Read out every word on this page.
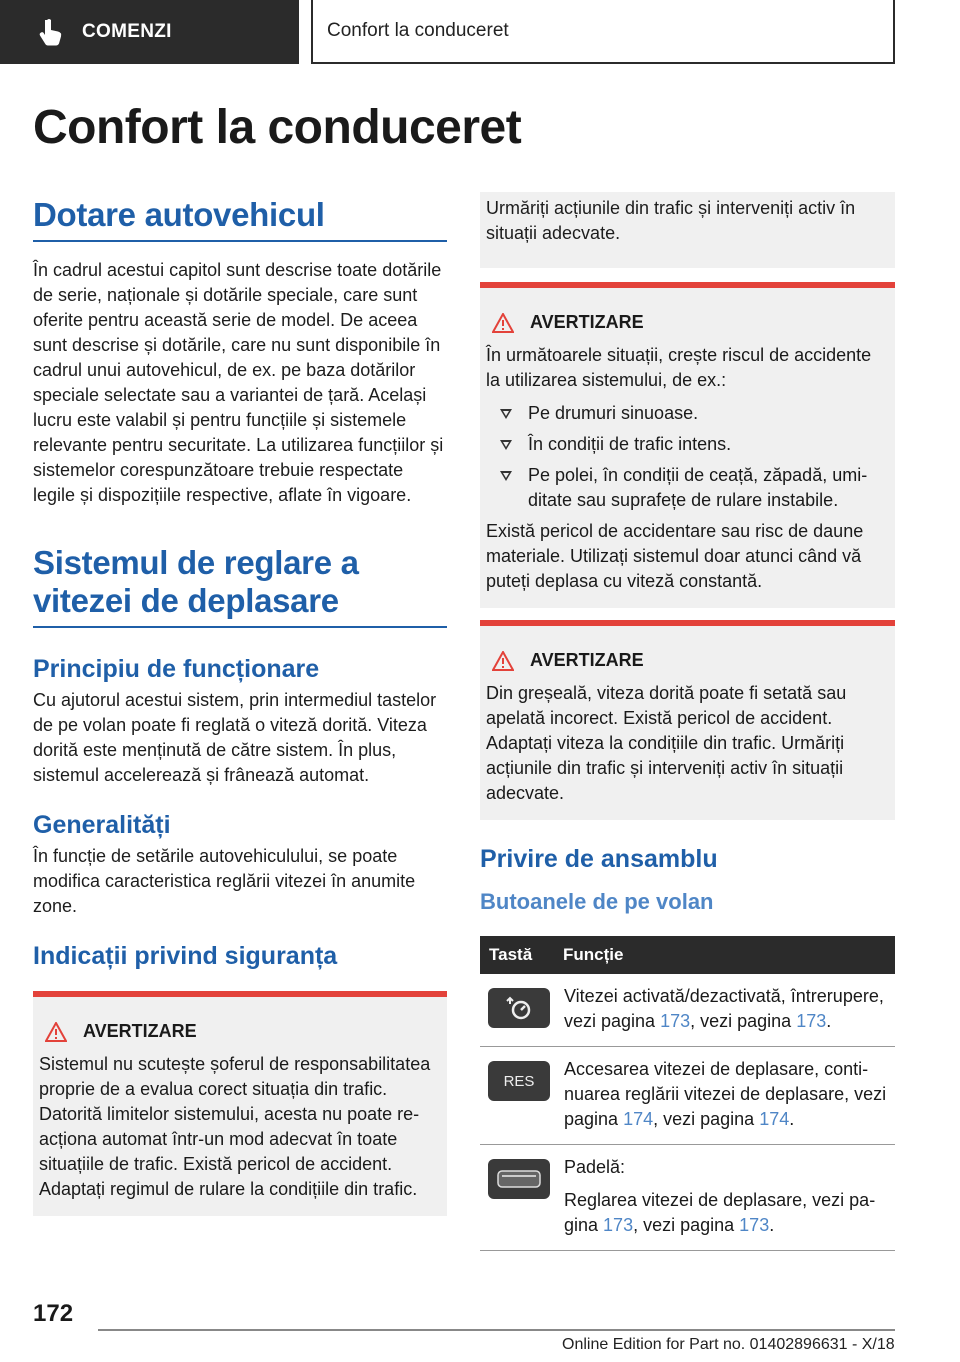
COMENZI	Confort la conduceret
Confort la conduceret
Dotare autovehicul

În cadrul acestui capitol sunt descrise toate dotările de serie, naționale și dotările speciale, care sunt oferite pentru această serie de model. De aceea sunt descrise și dotările, care nu sunt disponibile în cadrul unui autovehicul, de ex. pe baza dotărilor speciale selectate sau a variantei de țară. Același lucru este valabil și pentru funcțiile și sistemele relevante pentru securitate. La utilizarea funcțiilor și sistemelor corespunzătoare trebuie respectate legile și dispozițiile respective, aflate în vigoare.

Sistemul de reglare a
vitezei de deplasare
Principiu de funcționare

Cu ajutorul acestui sistem, prin intermediul tastelor de pe volan poate fi reglată o viteză dorită. Viteza dorită este menținută de către sistem. În plus, sistemul accelerează și frânează automat.

Generalități

În funcție de setările autovehiculului, se poate modifica caracteristica reglării vitezei în anumite zone.

Indicații privind siguranța
AVERTIZARE

Sistemul nu scutește șoferul de responsabilitatea proprie de a evalua corect situația din trafic. Datorită limitelor sistemului, acesta nu poate reacționa automat într-un mod adecvat în toate situațiile de trafic. Există pericol de accident. Adaptați regimul de rulare la condițiile din trafic.

Urmăriți acțiunile din trafic și interveniți activ în situații adecvate.

AVERTIZARE

În următoarele situații, crește riscul de accidente la utilizarea sistemului, de ex.:

Pe drumuri sinuoase.
În condiții de trafic intens.
Pe polei, în condiții de ceață, zăpadă, umiditate sau suprafețe de rulare instabile.

Există pericol de accidentare sau risc de daune materiale. Utilizați sistemul doar atunci când vă puteți deplasa cu viteză constantă.

AVERTIZARE

Din greșeală, viteza dorită poate fi setată sau apelată incorect. Există pericol de accident. Adaptați viteza la condițiile din trafic. Urmăriți acțiunile din trafic și interveniți activ în situații adecvate.

Privire de ansamblu
Butoanele de pe volan
Tastă	Funcție

	Vitezei activată/dezactivată, întrerupere, vezi pagina 173, vezi pagina 173.

RES	Accesarea vitezei de deplasare, continuarea reglării vitezei de deplasare, vezi pagina 174, vezi pagina 174.

Padelă:
Reglarea vitezei de deplasare, vezi pagina 173, vezi pagina 173.
172
Online Edition for Part no. 01402896631 - X/18
